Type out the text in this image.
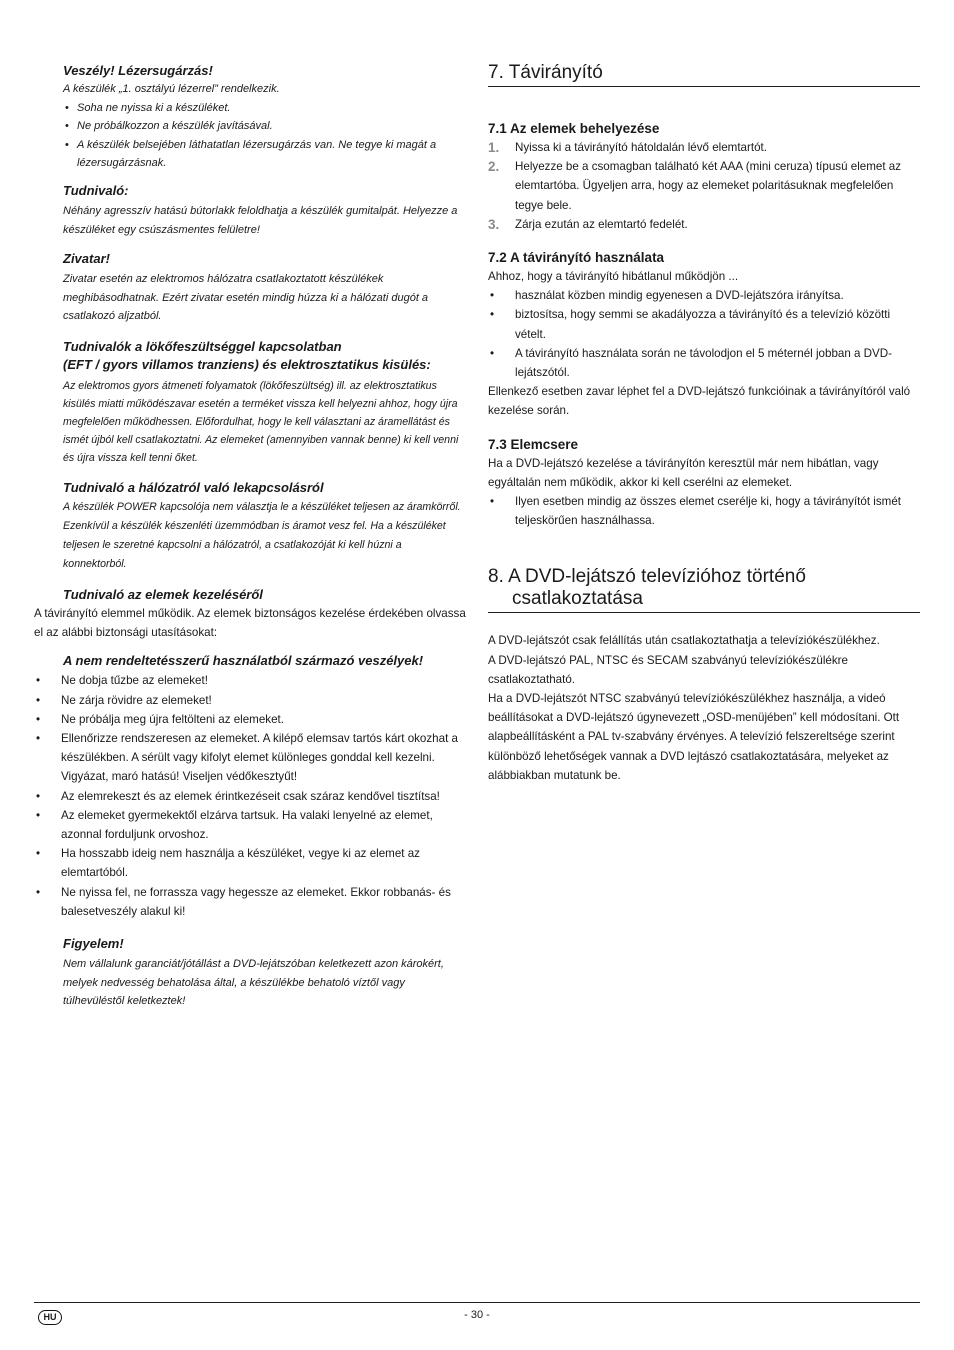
Veszély! Lézersugárzás!

A készülék „1. osztályú lézerrel” rendelkezik.

• Soha ne nyissa ki a készüléket.
• Ne próbálkozzon a készülék javításával.
• A készülék belsejében láthatatlan lézersugárzás van. Ne tegye ki magát a lézersugárzásnak.

Tudnivaló:

Néhány agresszív hatású bútorlakk feloldhatja a készülék gumitalpát. Helyezze a készüléket egy csúszásmentes felületre!

Zivatar!

Zivatar esetén az elektromos hálózatra csatlakoztatott készülékek meghibásodhatnak. Ezért zivatar esetén mindig húzza ki a hálózati dugót a csatlakozó aljzatból.

Tudnivalók a lökőfeszültséggel kapcsolatban

(EFT / gyors villamos tranziens) és elektrosztatikus kisülés:

Az elektromos gyors átmeneti folyamatok (lökőfeszültség) ill. az elektrosztatikus kisülés miatti működészavar esetén a terméket vissza kell helyezni ahhoz, hogy újra megfelelően működhessen. Előfordulhat, hogy le kell választani az áramellátást és ismét újból kell csatlakoztatni. Az elemeket (amennyiben vannak benne) ki kell venni és újra vissza kell tenni őket.

Tudnivaló a hálózatról való lekapcsolásról

A készülék POWER kapcsolója nem választja le a készüléket teljesen az áramkörről. Ezenkívül a készülék készenléti üzemmódban is áramot vesz fel. Ha a készüléket teljesen le szeretné kapcsolni a hálózatról, a csatlakozóját ki kell húzni a konnektorból.

Tudnivaló az elemek kezeléséről

A távirányító elemmel működik. Az elemek biztonságos kezelése érdekében olvassa el az alábbi biztonsági utasításokat:

A nem rendeltetésszerű használatból származó veszélyek!

• Ne dobja tűzbe az elemeket!
• Ne zárja rövidre az elemeket!
• Ne próbálja meg újra feltölteni az elemeket.
• Ellenőrizze rendszeresen az elemeket. A kilépő elemsav tartós kárt okozhat a készülékben. A sérült vagy kifolyt elemet különleges gonddal kell kezelni. Vigyázat, maró hatású! Viseljen védőkesztyűt!
• Az elemrekeszt és az elemek érintkezéseit csak száraz kendővel tisztítsa!
• Az elemeket gyermekektől elzárva tartsuk. Ha valaki lenyelné az elemet, azonnal forduljunk orvoshoz.
• Ha hosszabb ideig nem használja a készüléket, vegye ki az elemet az elemtartóból.
• Ne nyissa fel, ne forrassza vagy hegessze az elemeket. Ekkor robbanás- és balesetveszély alakul ki!

Figyelem!

Nem vállalunk garanciát/jótállást a DVD-lejátszóban keletkezett azon károkért, melyek nedvesség behatolása által, a készülékbe behatoló víztől vagy túlhevüléstől keletkeztek!

7. Távirányító

7.1 Az elemek behelyezése

1. Nyissa ki a távirányító hátoldalán lévő elemtartót.
2. Helyezze be a csomagban található két AAA (mini ceruza) típusú elemet az elemtartóba. Ügyeljen arra, hogy az elemeket polaritásuknak megfelelően tegye bele.
3. Zárja ezután az elemtartó fedelét.

7.2 A távirányító használata

Ahhoz, hogy a távirányító hibátlanul működjön ...

• használat közben mindig egyenesen a DVD-lejátszóra irányítsa.
• biztosítsa, hogy semmi se akadályozza a távirányító és a televízió közötti vételt.
• A távirányító használata során ne távolodjon el 5 méternél jobban a DVD-lejátszótól.

Ellenkező esetben zavar léphet fel a DVD-lejátszó funkcióinak a távirányítóról való kezelése során.

7.3 Elemcsere

Ha a DVD-lejátszó kezelése a távirányítón keresztül már nem hibátlan, vagy egyáltalán nem működik, akkor ki kell cserélni az elemeket.

• Ilyen esetben mindig az összes elemet cserélje ki, hogy a távirányítót ismét teljeskörűen használhassa.
8. A DVD-lejátszó televízióhoz történő
csatlakoztatása

A DVD-lejátszót csak felállítás után csatlakoztathatja a televíziókészülékhez.

A DVD-lejátszó PAL, NTSC és SECAM szabványú televíziókészülékre csatlakoztatható.

Ha a DVD-lejátszót NTSC szabványú televíziókészülékhez használja, a videó beállításokat a DVD-lejátszó úgynevezett „OSD-menüjében” kell módosítani. Ott alapbeállításként a PAL tv-szabvány érvényes. A televízió felszereltsége szerint különböző lehetőségek vannak a DVD lejtászó csatlakoztatására, melyeket az alábbiakban mutatunk be.

HU	- 30 -
